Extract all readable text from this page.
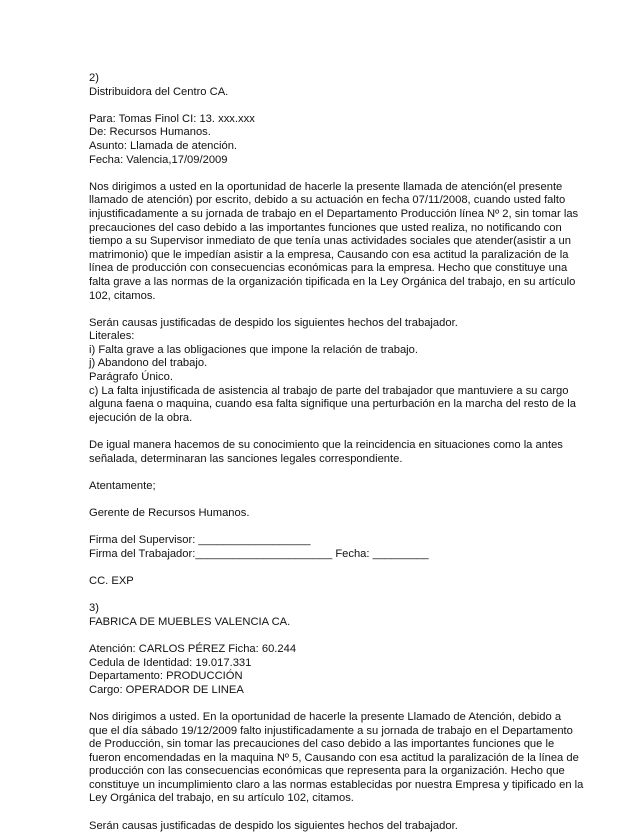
2)
Distribuidora del Centro CA.
Para: Tomas Finol CI: 13. xxx.xxx
De: Recursos Humanos.
Asunto: Llamada de atención.
Fecha: Valencia,17/09/2009
Nos dirigimos a usted en la oportunidad de hacerle la presente llamada de atención(el presente
llamado de atención) por escrito, debido a su actuación en fecha 07/11/2008, cuando usted falto
injustificadamente a su jornada de trabajo en el Departamento Producción línea Nº 2, sin tomar las
precauciones del caso debido a las importantes funciones que usted realiza, no notificando con
tiempo a su Supervisor inmediato de que tenía unas actividades sociales que atender(asistir a un
matrimonio) que le impedían asistir a la empresa, Causando con esa actitud la paralización de la
línea de producción con consecuencias económicas para la empresa. Hecho que constituye una
falta grave a las normas de la organización tipificada en la Ley Orgánica del trabajo, en su artículo
102, citamos.
Serán causas justificadas de despido los siguientes hechos del trabajador.
Literales:
i) Falta grave a las obligaciones que impone la relación de trabajo.
j) Abandono del trabajo.
Parágrafo Único.
c) La falta injustificada de asistencia al trabajo de parte del trabajador que mantuviere a su cargo
alguna faena o maquina, cuando esa falta signifique una perturbación en la marcha del resto de la
ejecución de la obra.
De igual manera hacemos de su conocimiento que la reincidencia en situaciones como la antes
señalada, determinaran las sanciones legales correspondiente.
Atentamente;
Gerente de Recursos Humanos.
Firma del Supervisor: __________________
Firma del Trabajador:______________________ Fecha: _________
CC. EXP
3)
FABRICA DE MUEBLES VALENCIA CA.
Atención: CARLOS PÉREZ Ficha: 60.244
Cedula de Identidad: 19.017.331
Departamento: PRODUCCIÓN
Cargo: OPERADOR DE LINEA
Nos dirigimos a usted. En la oportunidad de hacerle la presente Llamado de Atención, debido a
que el día sábado 19/12/2009 falto injustificadamente a su jornada de trabajo en el Departamento
de Producción, sin tomar las precauciones del caso debido a las importantes funciones que le
fueron encomendadas en la maquina Nº 5, Causando con esa actitud la paralización de la línea de
producción con las consecuencias económicas que representa para la organización. Hecho que
constituye un incumplimiento claro a las normas establecidas por nuestra Empresa y tipificado en la
Ley Orgánica del trabajo, en su artículo 102, citamos.
Serán causas justificadas de despido los siguientes hechos del trabajador.
